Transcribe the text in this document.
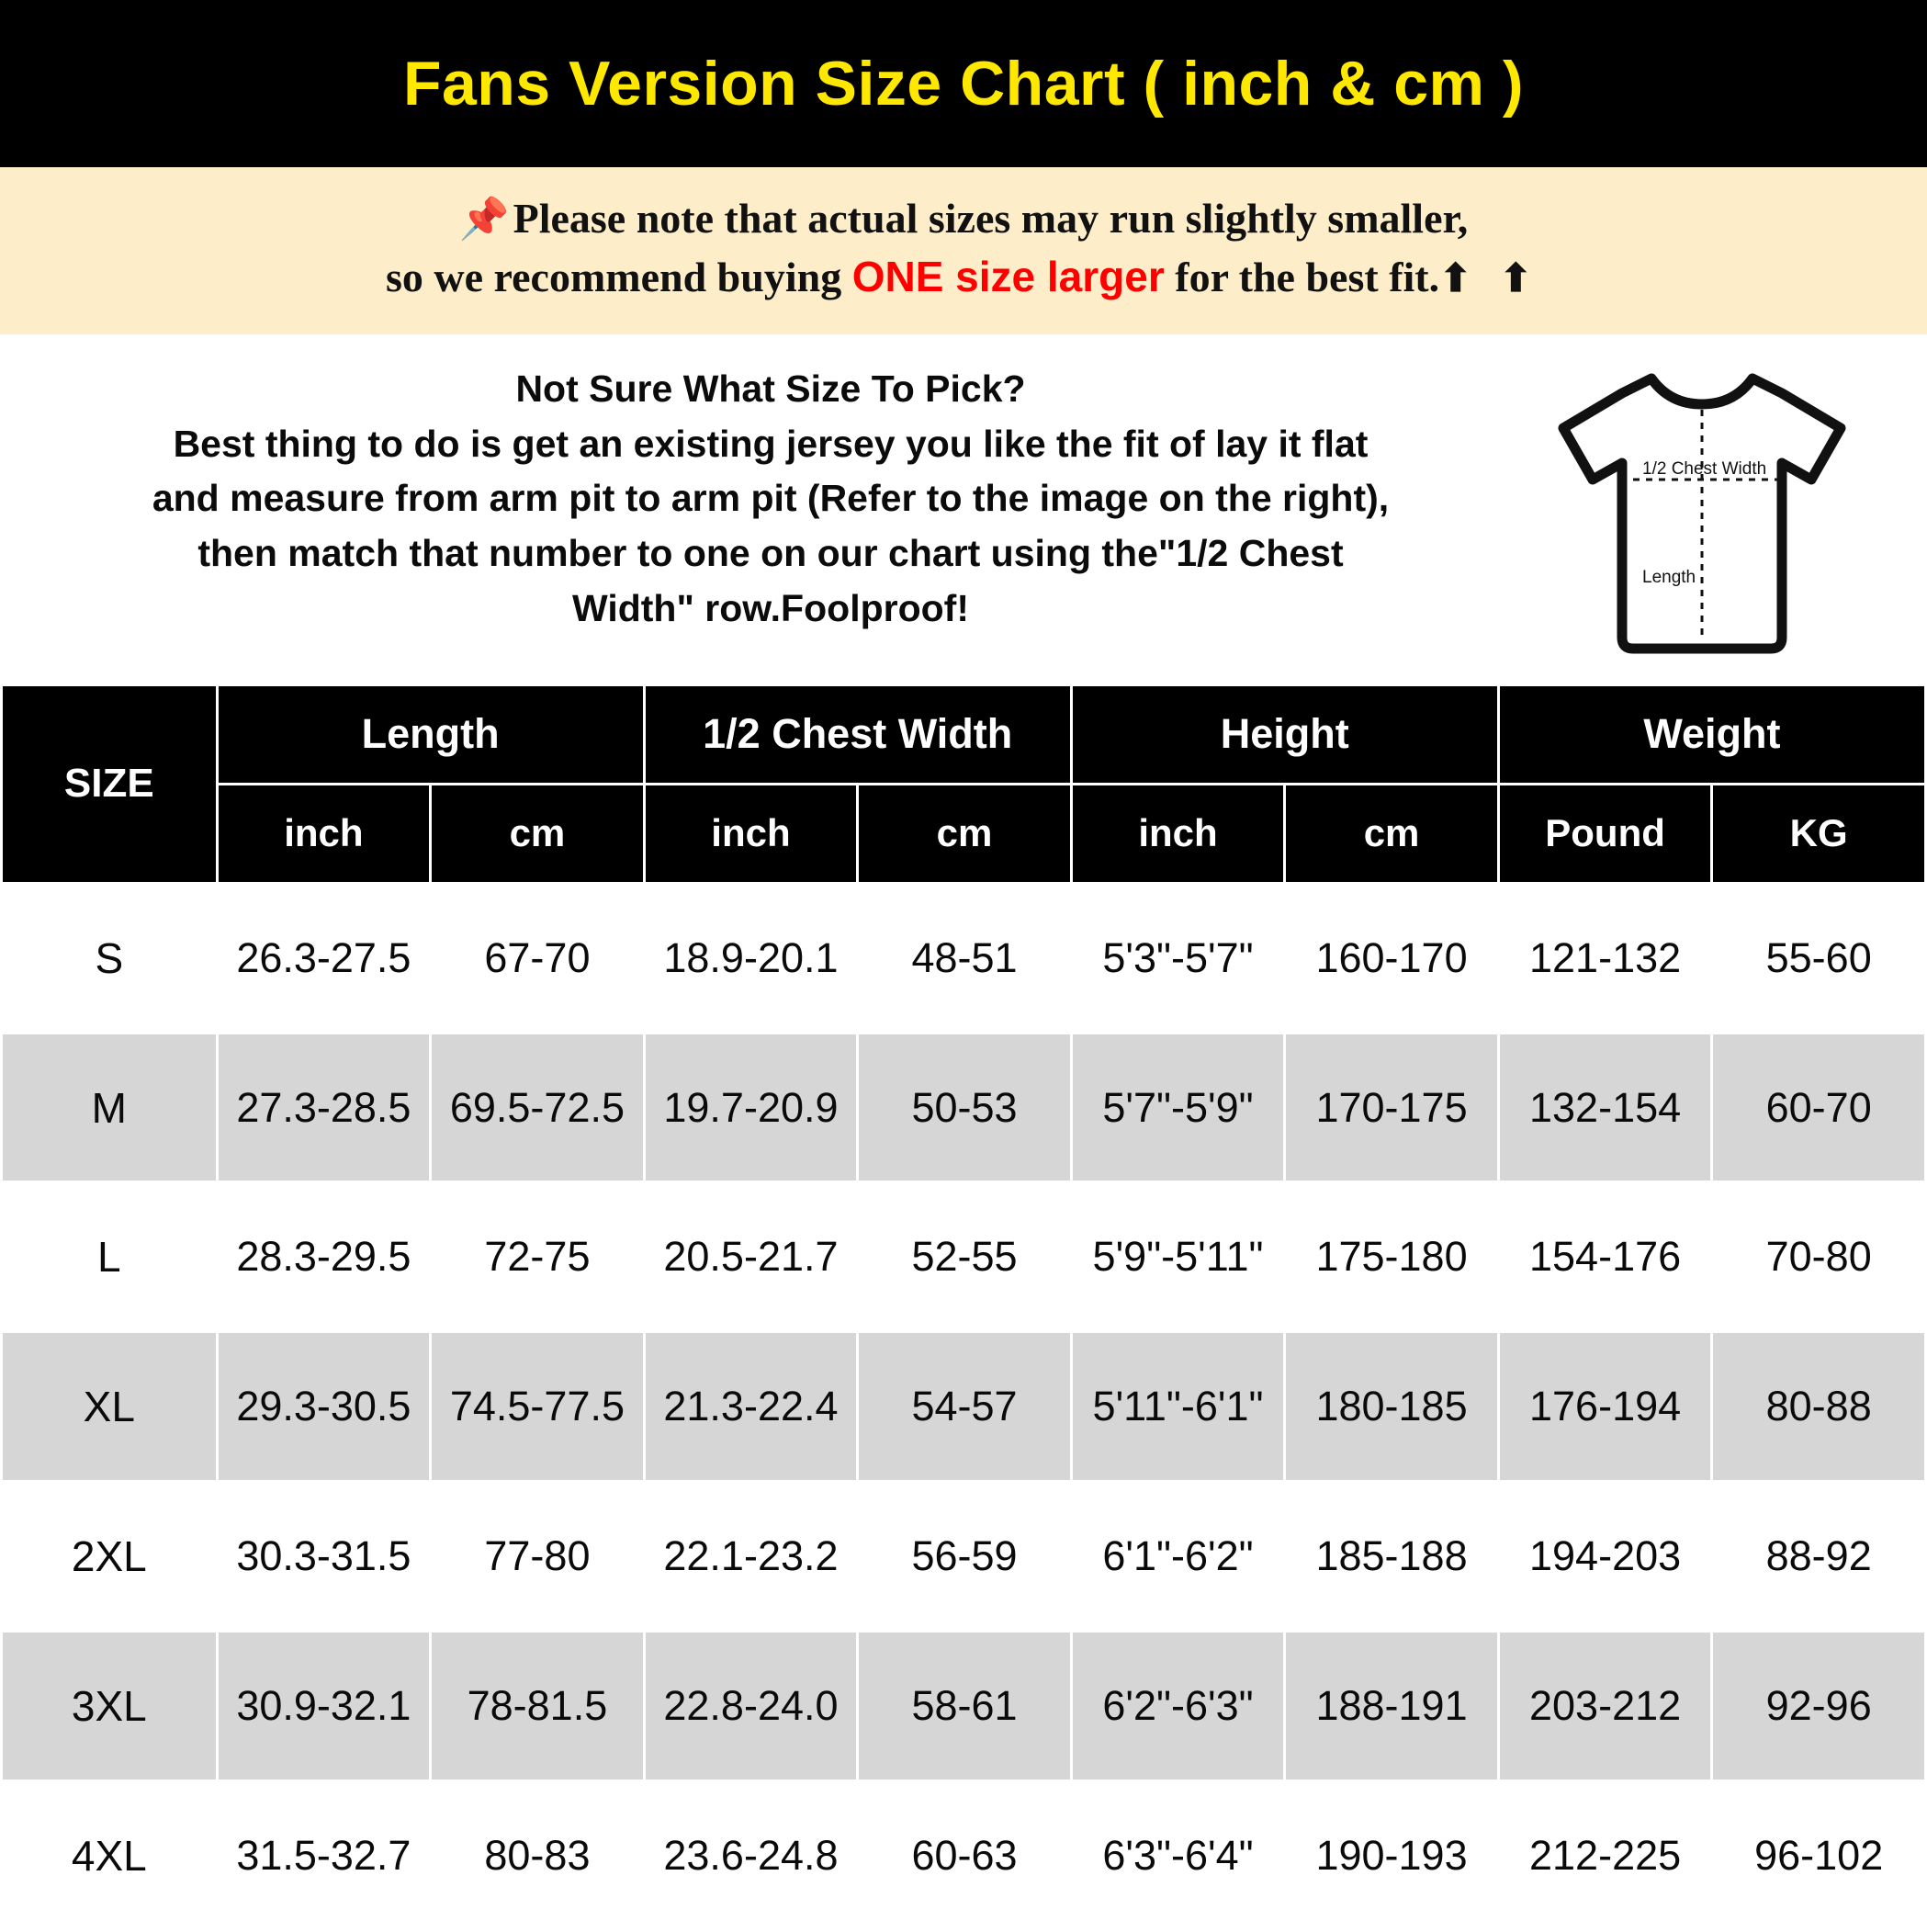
Fans Version Size Chart ( inch & cm )
📌Please note that actual sizes may run slightly smaller,
so we recommend buying ONE size larger for the best fit.⬆ ⬆
Not Sure What Size To Pick?
Best thing to do is get an existing jersey you like the fit of lay it flat
and measure from arm pit to arm pit (Refer to the image on the right),
then match that number to one on our chart using the"1/2 Chest
Width" row.Foolproof!
1/2 Chest Width
Length
SIZE	Length		1/2 Chest Width		Height		Weight	
	inch	cm	inch	cm	inch	cm	Pound	KG
S	26.3-27.5	67-70	18.9-20.1	48-51	5'3"-5'7"	160-170	121-132	55-60
M	27.3-28.5	69.5-72.5	19.7-20.9	50-53	5'7"-5'9"	170-175	132-154	60-70
L	28.3-29.5	72-75	20.5-21.7	52-55	5'9"-5'11"	175-180	154-176	70-80
XL	29.3-30.5	74.5-77.5	21.3-22.4	54-57	5'11"-6'1"	180-185	176-194	80-88
2XL	30.3-31.5	77-80	22.1-23.2	56-59	6'1"-6'2"	185-188	194-203	88-92
3XL	30.9-32.1	78-81.5	22.8-24.0	58-61	6'2"-6'3"	188-191	203-212	92-96
4XL	31.5-32.7	80-83	23.6-24.8	60-63	6'3"-6'4"	190-193	212-225	96-102
